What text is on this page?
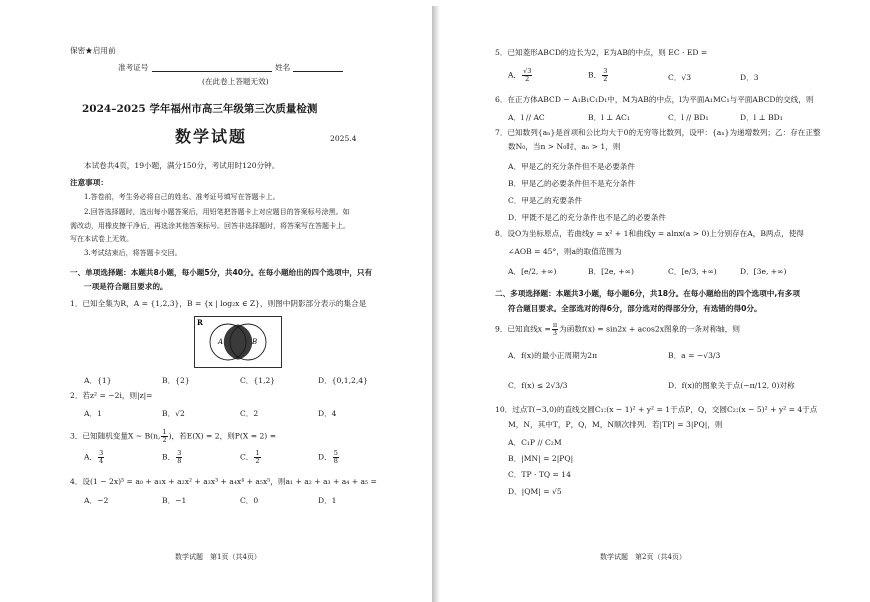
保密★启用前
准考证号	姓名
(在此卷上答题无效)
2024–2025 学年福州市高三年级第三次质量检测
数学试题	2025.4
本试卷共4页，19小题，满分150分，考试用时120分钟。
注意事项：
1.答卷前，考生务必将自己的姓名、准考证号填写在答题卡上。
2.回答选择题时，选出每小题答案后，用铅笔把答题卡上对应题目的答案标号涂黑。如
需改动，用橡皮擦干净后，再选涂其他答案标号。回答非选择题时，将答案写在答题卡上。
写在本试卷上无效。
3.考试结束后，将答题卡交回。
一、单项选择题：本题共8小题，每小题5分，共40分。在每小题给出的四个选项中，只有
一项是符合题目要求的。
1．已知全集为R，A = {1,2,3}，B = {x | log₂x ∈ Z}，则图中阴影部分表示的集合是
R
A	B
A．{1}	B．{2}	C．{1,2}	D．{0,1,2,4}
2．若z² = −2i，则|z|=
A．1	B．√2	C．2	D．4
3．已知随机变量X ~ B(n, $\frac{1}{2}$ )，若E(X) = 2，则P(X = 2) =
A． $\frac{3}{4}$	B． $\frac{3}{8}$	C． $\frac{1}{2}$	D． $\frac{5}{8}$
4．设(1 − 2x)⁵ = a₀ + a₁x + a₂x² + a₃x³ + a₄x⁴ + a₅x⁵，则a₁ + a₂ + a₃ + a₄ + a₅ =
A．−2	B．−1	C．0	D．1
数学试题　第1页（共4页）
5．已知菱形ABCD的边长为2，E为AB的中点，则 EC · ED =
A． $\frac{√3}{2}$	B． $\frac{3}{2}$	C．√3	D．3
6．在正方体ABCD − A₁B₁C₁D₁中，M为AB的中点，l为平面A₁MC₁与平面ABCD的交线，则
A．l // AC	B．l ⊥ AC₁	C．l // BD₁	D．l ⊥ BD₁
7．已知数列{aₙ}是首项和公比均大于0的无穷等比数列，设甲：{aₙ}为递增数列；乙：存在正整
数N₀，当n > N₀时，aₙ > 1，则
A．甲是乙的充分条件但不是必要条件
B．甲是乙的必要条件但不是充分条件
C．甲是乙的充要条件
D．甲既不是乙的充分条件也不是乙的必要条件
8．设O为坐标原点，若曲线y = x² + 1和曲线y = alnx(a > 0)上分别存在A，B两点，使得
∠AOB = 45°，则a的取值范围为
A．[e/2, +∞)	B．[2e, +∞)	C．[e/3, +∞)	D．[3e, +∞)
二、多项选择题：本题共3小题，每小题6分，共18分。在每小题给出的四个选项中,有多项
符合题目要求。全部选对的得6分，部分选对的得部分分，有选错的得0分。
9．已知直线$x = \frac{\pi}{3}$ 为函数f(x) = sin2x + acos2x图象的一条对称轴，则
A．f(x)的最小正周期为2π	B．a = −√3/3
C．f(x) ≤ 2√3/3	D．f(x)的图象关于点(−π/12, 0)对称
10．过点T(−3,0)的直线交圆C₁:(x − 1)² + y² = 1于点P，Q，交圆C₂:(x − 5)² + y² = 4于点
M，N，其中T，P，Q，M，N顺次排列．若|TP| = 3|PQ|，则
A．C₁P // C₂M
B．|MN| = 2|PQ|
C．TP · TQ = 14
D．|QM| = √5
数学试题　第2页（共4页）
